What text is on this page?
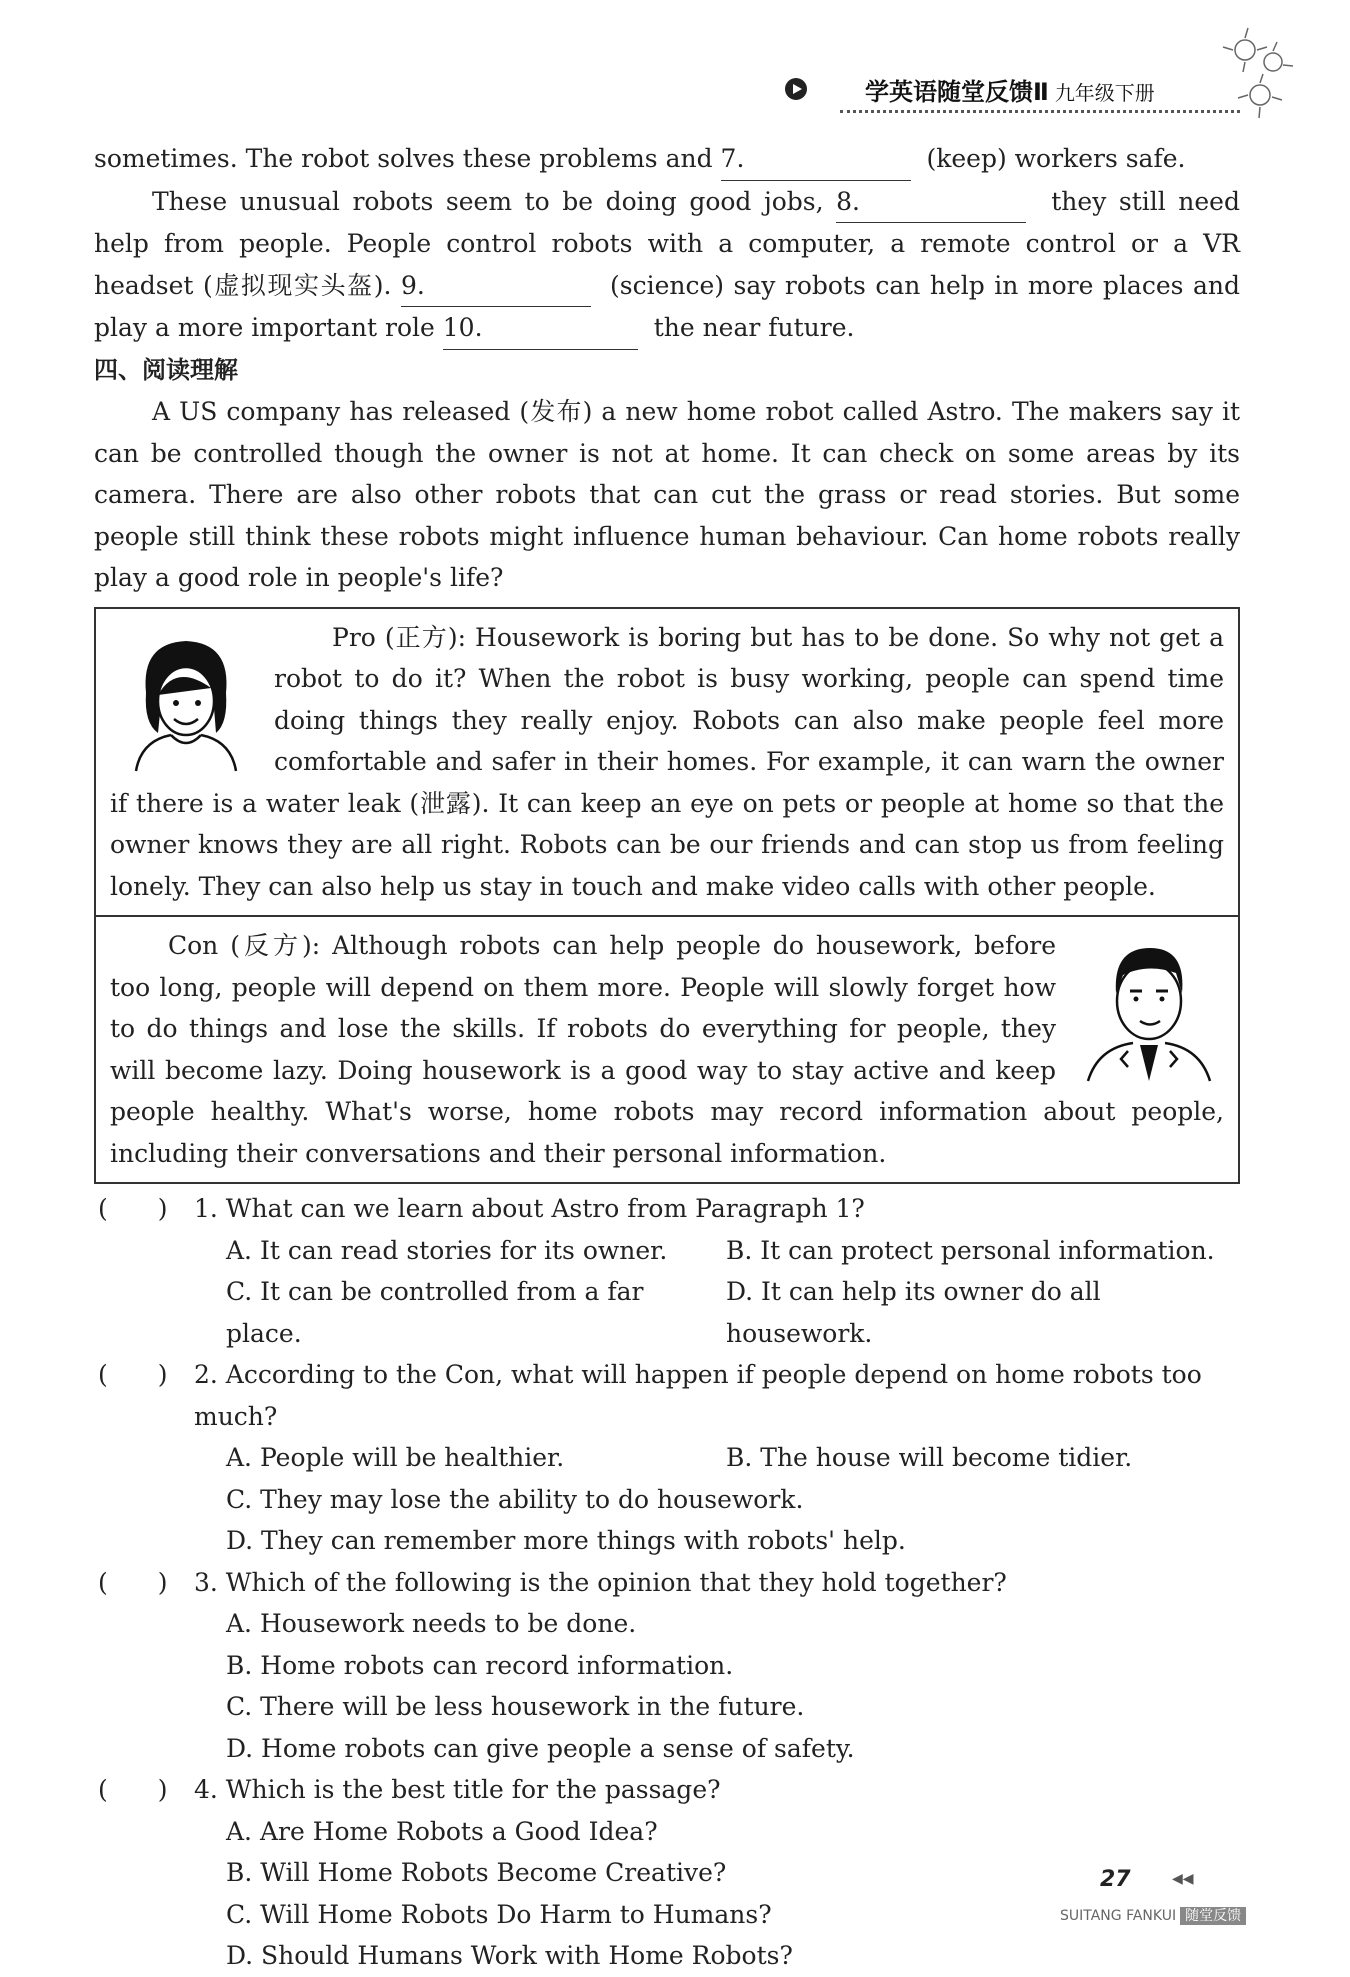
学英语随堂反馈Ⅱ 九年级下册

sometimes. The robot solves these problems and 7.	(keep) workers safe.

These unusual robots seem to be doing good jobs, 8.	they still need help from people. People control robots with a computer, a remote control or a VR headset (虚拟现实头盔). 9.	(science) say robots can help in more places and play a more important role 10.	the near future.

四、阅读理解

A US company has released (发布) a new home robot called Astro. The makers say it can be controlled though the owner is not at home. It can check on some areas by its camera. There are also other robots that can cut the grass or read stories. But some people still think these robots might influence human behaviour. Can home robots really play a good role in people's life?

Pro (正方): Housework is boring but has to be done. So why not get a robot to do it? When the robot is busy working, people can spend time doing things they really enjoy. Robots can also make people feel more comfortable and safer in their homes. For example, it can warn the owner if there is a water leak (泄露). It can keep an eye on pets or people at home so that the owner knows they are all right. Robots can be our friends and can stop us from feeling lonely. They can also help us stay in touch and make video calls with other people.

Con (反方): Although robots can help people do housework, before too long, people will depend on them more. People will slowly forget how to do things and lose the skills. If robots do everything for people, they will become lazy. Doing housework is a good way to stay active and keep people healthy. What's worse, home robots may record information about people, including their conversations and their personal information.

(　　) 1. What can we learn about Astro from Paragraph 1?
A. It can read stories for its owner.	B. It can protect personal information.
C. It can be controlled from a far place.
D. It can help its owner do all housework.
(　　) 2. According to the Con, what will happen if people depend on home robots too much?
A. People will be healthier.	B. The house will become tidier.
C. They may lose the ability to do housework.
D. They can remember more things with robots' help.
(　　) 3. Which of the following is the opinion that they hold together?
A. Housework needs to be done.
B. Home robots can record information.
C. There will be less housework in the future.
D. Home robots can give people a sense of safety.
(　　) 4. Which is the best title for the passage?
A. Are Home Robots a Good Idea?
B. Will Home Robots Become Creative?
C. Will Home Robots Do Harm to Humans?
D. Should Humans Work with Home Robots?
27	◀◀
SUITANG FANKUI 随堂反馈
